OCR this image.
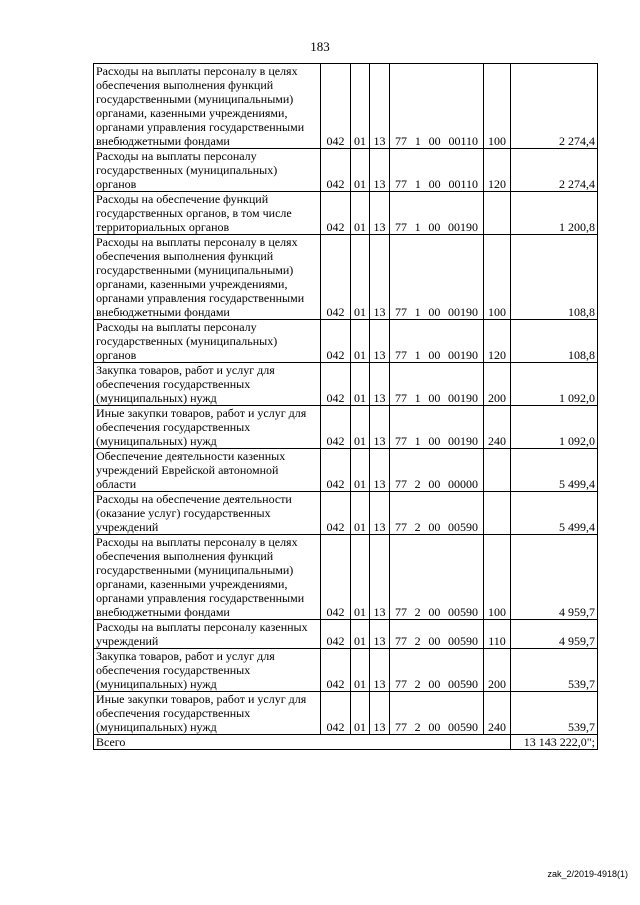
183
Расходы на выплаты персоналу в целях обеспечения выполнения функций государственными (муниципальными) органами, казенными учреждениями, органами управления государственными внебюджетными фондами	042	01	13	77 1 00 00110	100	2 274,4
Расходы на выплаты персоналу государственных (муниципальных) органов	042	01	13	77 1 00 00110	120	2 274,4
Расходы на обеспечение функций государственных органов, в том числе территориальных органов	042	01	13	77 1 00 00190		1 200,8
Расходы на выплаты персоналу в целях обеспечения выполнения функций государственными (муниципальными) органами, казенными учреждениями, органами управления государственными внебюджетными фондами	042	01	13	77 1 00 00190	100	108,8
Расходы на выплаты персоналу государственных (муниципальных) органов	042	01	13	77 1 00 00190	120	108,8
Закупка товаров, работ и услуг для обеспечения государственных (муниципальных) нужд	042	01	13	77 1 00 00190	200	1 092,0
Иные закупки товаров, работ и услуг для обеспечения государственных (муниципальных) нужд	042	01	13	77 1 00 00190	240	1 092,0
Обеспечение деятельности казенных учреждений Еврейской автономной области	042	01	13	77 2 00 00000		5 499,4
Расходы на обеспечение деятельности (оказание услуг) государственных учреждений	042	01	13	77 2 00 00590		5 499,4
Расходы на выплаты персоналу в целях обеспечения выполнения функций государственными (муниципальными) органами, казенными учреждениями, органами управления государственными внебюджетными фондами	042	01	13	77 2 00 00590	100	4 959,7
Расходы на выплаты персоналу казенных учреждений	042	01	13	77 2 00 00590	110	4 959,7
Закупка товаров, работ и услуг для обеспечения государственных (муниципальных) нужд	042	01	13	77 2 00 00590	200	539,7
Иные закупки товаров, работ и услуг для обеспечения государственных (муниципальных) нужд	042	01	13	77 2 00 00590	240	539,7
Всего						13 143 222,0";
zak_2/2019-4918(1)
